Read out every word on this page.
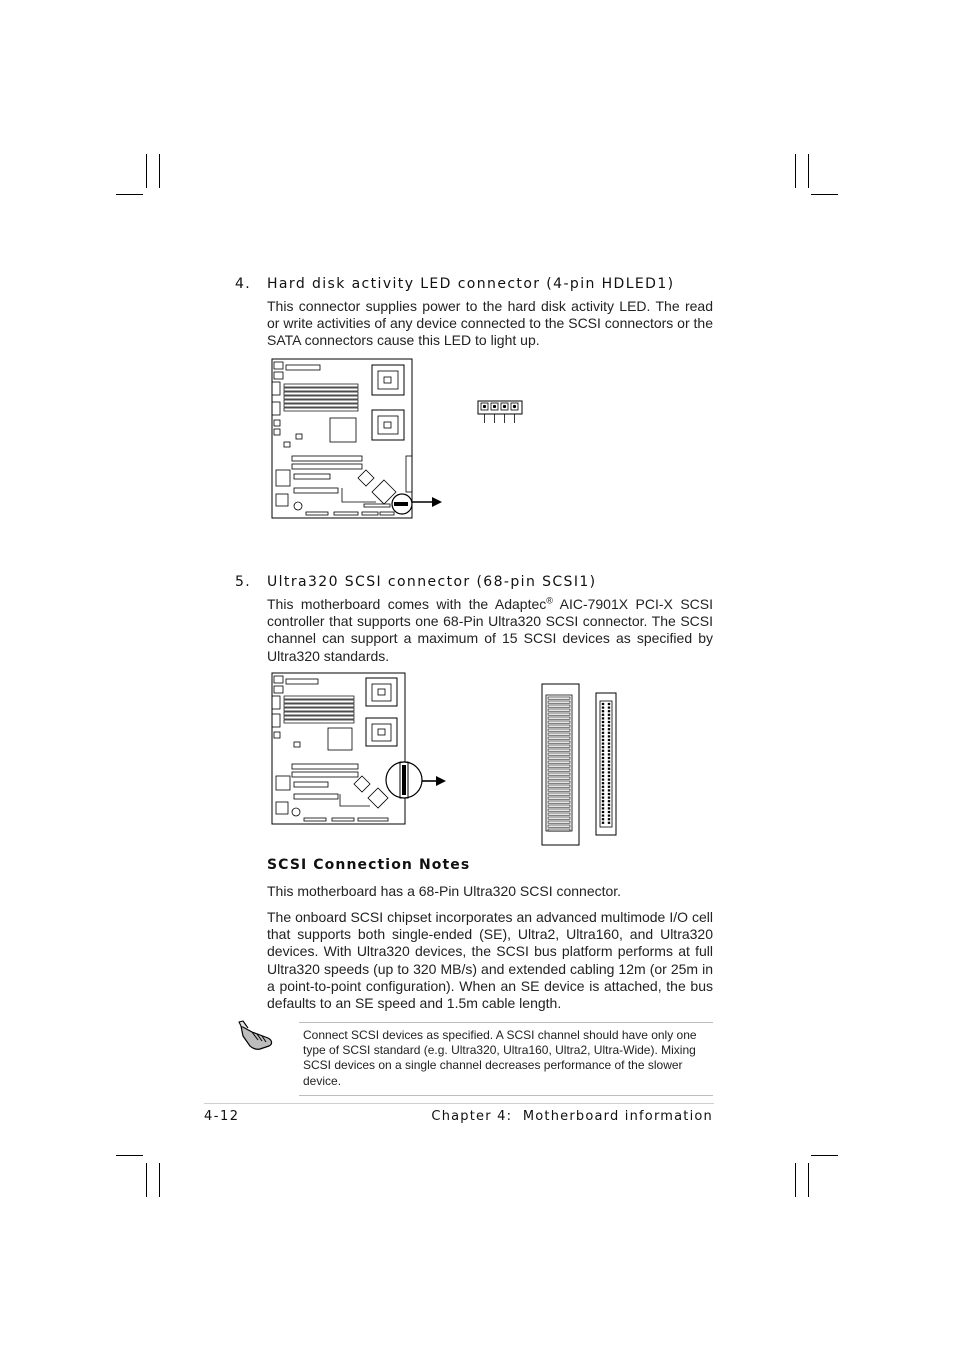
4. Hard disk activity LED connector (4-pin HDLED1)

This connector supplies power to the hard disk activity LED. The read or write activities of any device connected to the SCSI connectors or the SATA connectors cause this LED to light up.

5. Ultra320 SCSI connector (68-pin SCSI1)

This motherboard comes with the Adaptec® AIC-7901X PCI-X SCSI controller that supports one 68-Pin Ultra320 SCSI connector. The SCSI channel can support a maximum of 15 SCSI devices as specified by Ultra320 standards.

SCSI Connection Notes

This motherboard has a 68-Pin Ultra320 SCSI connector.

The onboard SCSI chipset incorporates an advanced multimode I/O cell that supports both single-ended (SE), Ultra2, Ultra160, and Ultra320 devices. With Ultra320 devices, the SCSI bus platform performs at full Ultra320 speeds (up to 320 MB/s) and extended cabling 12m (or 25m in a point-to-point configuration). When an SE device is attached, the bus defaults to an SE speed and 1.5m cable length.

Connect SCSI devices as specified. A SCSI channel should have only one type of SCSI standard (e.g. Ultra320, Ultra160, Ultra2, Ultra-Wide). Mixing SCSI devices on a single channel decreases performance of the slower device.

4-12	Chapter 4:  Motherboard information
